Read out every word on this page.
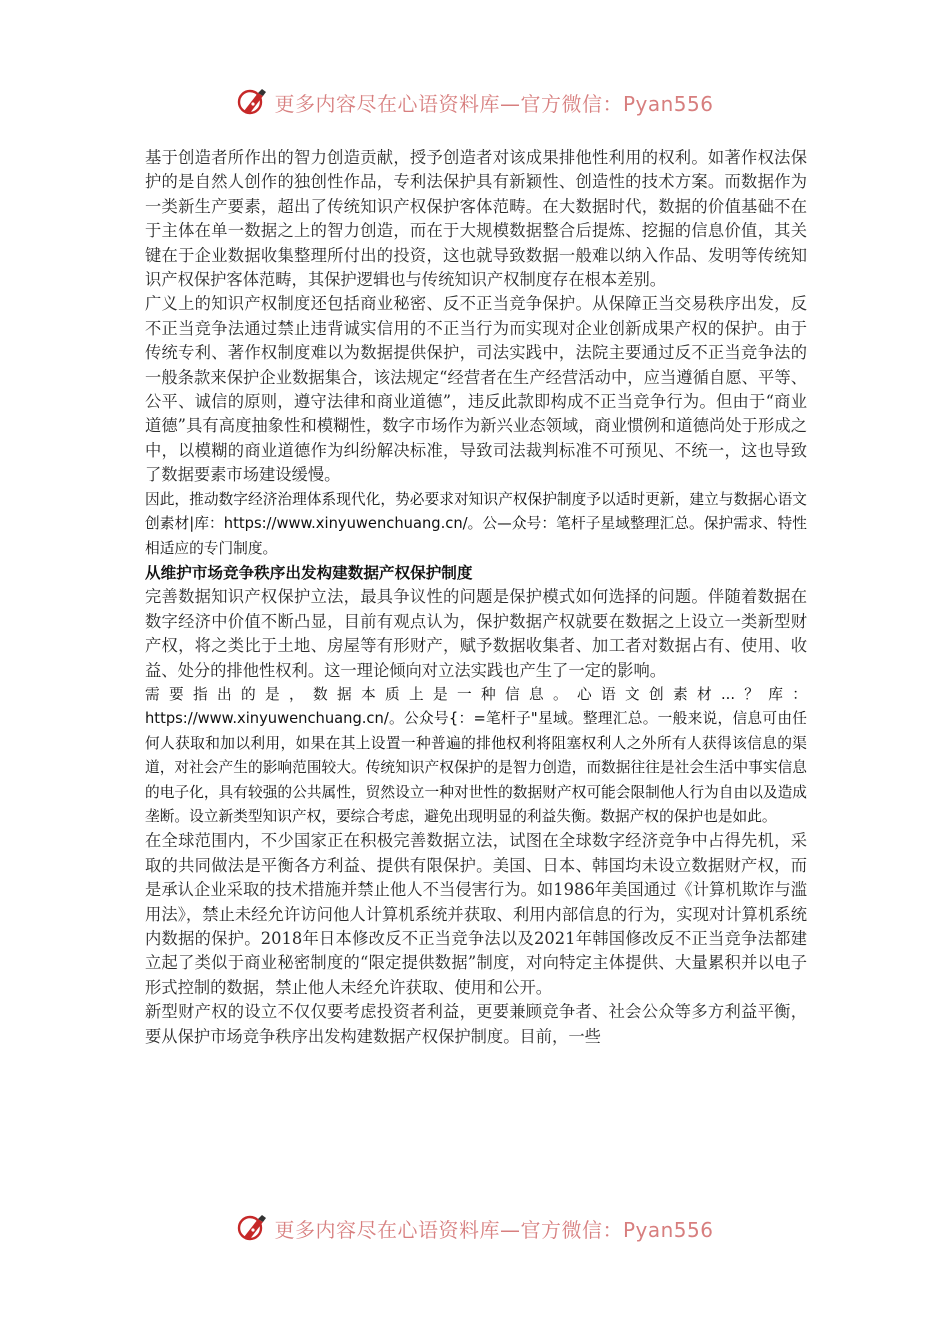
更多内容尽在心语资料库—官方微信：Pyan556

基于创造者所作出的智力创造贡献，授予创造者对该成果排他性利用的权利。如著作权法保护的是自然人创作的独创性作品，专利法保护具有新颖性、创造性的技术方案。而数据作为一类新生产要素，超出了传统知识产权保护客体范畴。在大数据时代，数据的价值基础不在于主体在单一数据之上的智力创造，而在于大规模数据整合后提炼、挖掘的信息价值，其关键在于企业数据收集整理所付出的投资，这也就导致数据一般难以纳入作品、发明等传统知识产权保护客体范畴，其保护逻辑也与传统知识产权制度存在根本差别。

广义上的知识产权制度还包括商业秘密、反不正当竞争保护。从保障正当交易秩序出发，反不正当竞争法通过禁止违背诚实信用的不正当行为而实现对企业创新成果产权的保护。由于传统专利、著作权制度难以为数据提供保护，司法实践中，法院主要通过反不正当竞争法的一般条款来保护企业数据集合，该法规定“经营者在生产经营活动中，应当遵循自愿、平等、公平、诚信的原则，遵守法律和商业道德”，违反此款即构成不正当竞争行为。但由于“商业道德”具有高度抽象性和模糊性，数字市场作为新兴业态领域，商业惯例和道德尚处于形成之中，以模糊的商业道德作为纠纷解决标准，导致司法裁判标准不可预见、不统一，这也导致了数据要素市场建设缓慢。

因此，推动数字经济治理体系现代化，势必要求对知识产权保护制度予以适时更新，建立与数据心语文创素材|库：https://www.xinyuwenchuang.cn/。公—众号：笔杆子星域整理汇总。保护需求、特性相适应的专门制度。

从维护市场竞争秩序出发构建数据产权保护制度

完善数据知识产权保护立法，最具争议性的问题是保护模式如何选择的问题。伴随着数据在数字经济中价值不断凸显，目前有观点认为，保护数据产权就要在数据之上设立一类新型财产权，将之类比于土地、房屋等有形财产，赋予数据收集者、加工者对数据占有、使用、收益、处分的排他性权利。这一理论倾向对立法实践也产生了一定的影响。

需要指出的是，数据本质上是一种信息。心语文创素材...？库：https://www.xinyuwenchuang.cn/。公众号{：=笔杆子"星域。整理汇总。一般来说，信息可由任何人获取和加以利用，如果在其上设置一种普遍的排他权利将阻塞权利人之外所有人获得该信息的渠道，对社会产生的影响范围较大。传统知识产权保护的是智力创造，而数据往往是社会生活中事实信息的电子化，具有较强的公共属性，贸然设立一种对世性的数据财产权可能会限制他人行为自由以及造成垄断。设立新类型知识产权，要综合考虑，避免出现明显的利益失衡。数据产权的保护也是如此。

在全球范围内，不少国家正在积极完善数据立法，试图在全球数字经济竞争中占得先机，采取的共同做法是平衡各方利益、提供有限保护。美国、日本、韩国均未设立数据财产权，而是承认企业采取的技术措施并禁止他人不当侵害行为。如1986年美国通过《计算机欺诈与滥用法》，禁止未经允许访问他人计算机系统并获取、利用内部信息的行为，实现对计算机系统内数据的保护。2018年日本修改反不正当竞争法以及2021年韩国修改反不正当竞争法都建立起了类似于商业秘密制度的“限定提供数据”制度，对向特定主体提供、大量累积并以电子形式控制的数据，禁止他人未经允许获取、使用和公开。

新型财产权的设立不仅仅要考虑投资者利益，更要兼顾竞争者、社会公众等多方利益平衡，要从保护市场竞争秩序出发构建数据产权保护制度。目前，一些

更多内容尽在心语资料库—官方微信：Pyan556
